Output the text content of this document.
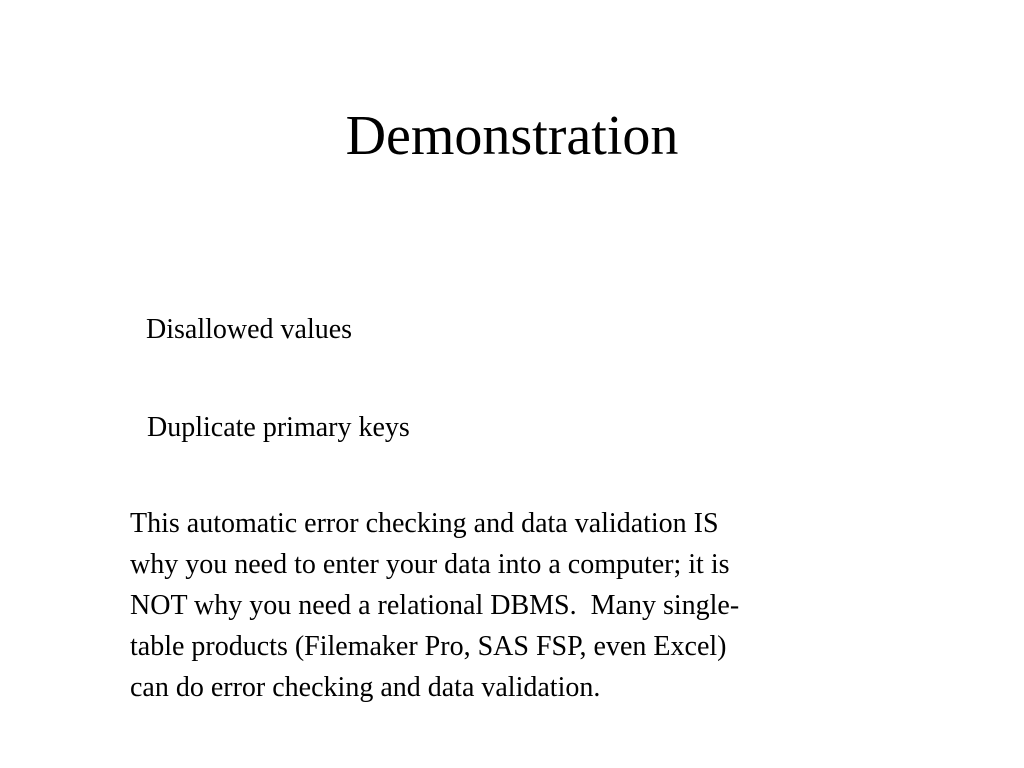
Demonstration

Disallowed values

Duplicate primary keys

This automatic error checking and data validation IS
why you need to enter your data into a computer; it is
NOT why you need a relational DBMS.  Many single-
table products (Filemaker Pro, SAS FSP, even Excel)
can do error checking and data validation.
